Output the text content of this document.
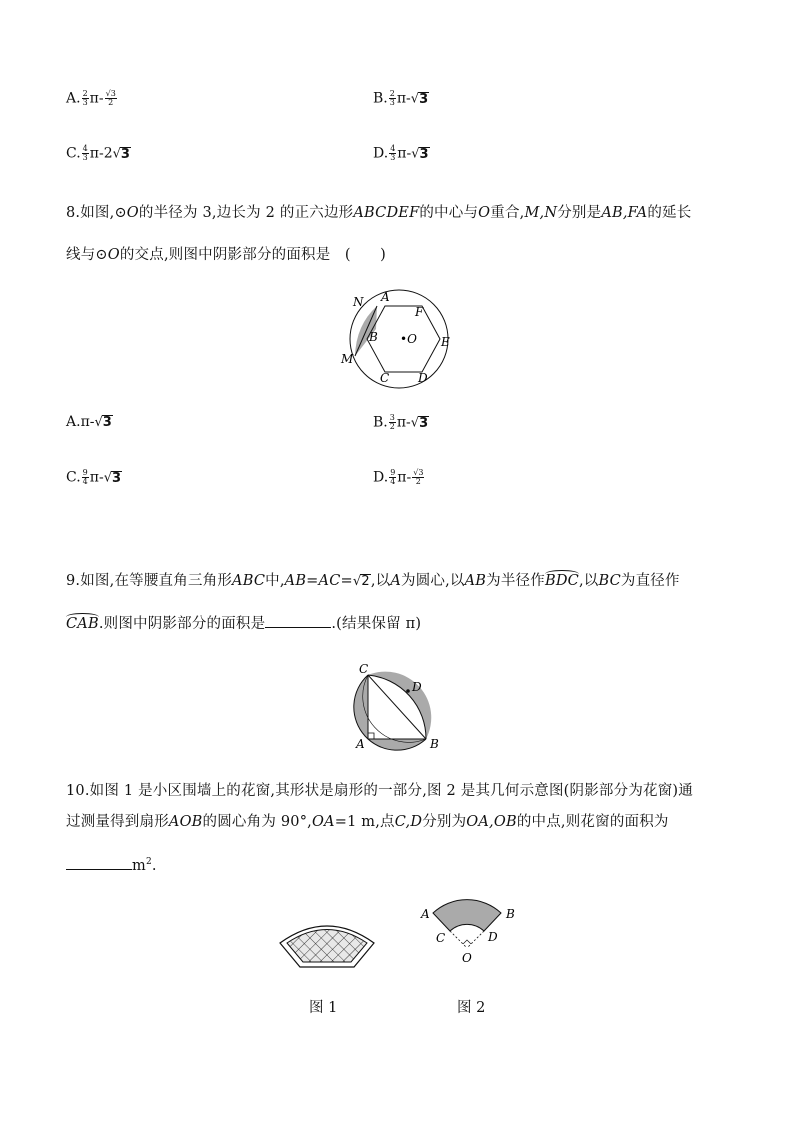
A. $\frac{2}{3} \pi- \frac{√3}{2}$	B. $\frac{2}{3} \pi-√3$
C. $\frac{4}{3} \pi-2√3$	D. $\frac{4}{3} \pi-√3$
8.如图,⊙O的半径为 3,边长为 2 的正六边形ABCDEF的中心与O重合,M,N分别是AB,FA的延长
线与⊙O的交点,则图中阴影部分的面积是 (　　)
N A
F
B •O E
M
C D
A.π-√3	B. $\frac{3}{2} \pi-√3$
C. $\frac{9}{4} \pi-√3$	D. $\frac{9}{4} \pi- \frac{√3}{2}$
9.如图,在等腰直角三角形ABC中,AB=AC=√2,以A为圆心,以AB为半径作BDC,以BC为直径作
CAB.则图中阴影部分的面积是	.(结果保留 π)
C
D
A	B
10.如图 1 是小区围墙上的花窗,其形状是扇形的一部分,图 2 是其几何示意图(阴影部分为花窗)通
过测量得到扇形AOB的圆心角为 90°,OA=1 m,点C,D分别为OA,OB的中点,则花窗的面积为
$m^2$.
图 1
A	B
C	D
O
图 2
